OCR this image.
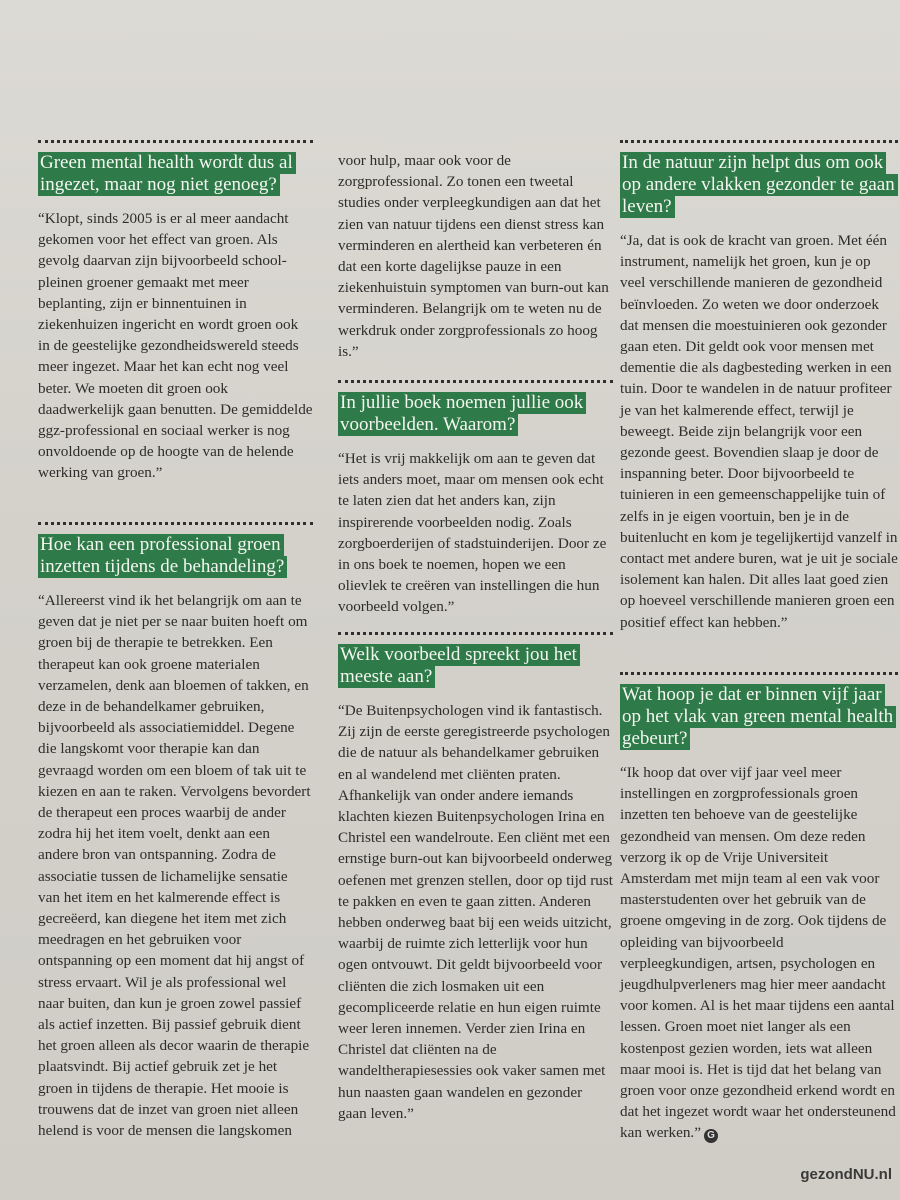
Green mental health wordt dus al ingezet, maar nog niet genoeg?

“Klopt, sinds 2005 is er al meer aandacht gekomen voor het effect van groen. Als gevolg daarvan zijn bijvoorbeeld school-pleinen groener gemaakt met meer beplanting, zijn er binnentuinen in ziekenhuizen ingericht en wordt groen ook in de geestelijke gezondheidswereld steeds meer ingezet. Maar het kan echt nog veel beter. We moeten dit groen ook daadwerkelijk gaan benutten. De gemiddelde ggz-professional en sociaal werker is nog onvoldoende op de hoogte van de helende werking van groen.”

Hoe kan een professional groen inzetten tijdens de behandeling?

“Allereerst vind ik het belangrijk om aan te geven dat je niet per se naar buiten hoeft om groen bij de therapie te betrekken. Een therapeut kan ook groene materialen verzamelen, denk aan bloemen of takken, en deze in de behandelkamer gebruiken, bijvoorbeeld als associatiemiddel. Degene die langskomt voor therapie kan dan gevraagd worden om een bloem of tak uit te kiezen en aan te raken. Vervolgens bevordert de therapeut een proces waarbij de ander zodra hij het item voelt, denkt aan een andere bron van ontspanning. Zodra de associatie tussen de lichamelijke sensatie van het item en het kalmerende effect is gecreëerd, kan diegene het item met zich meedragen en het gebruiken voor ontspanning op een moment dat hij angst of stress ervaart. Wil je als professional wel naar buiten, dan kun je groen zowel passief als actief inzetten. Bij passief gebruik dient het groen alleen als decor waarin de therapie plaatsvindt. Bij actief gebruik zet je het groen in tijdens de therapie. Het mooie is trouwens dat de inzet van groen niet alleen helend is voor de mensen die langskomen

voor hulp, maar ook voor de zorgprofessional. Zo tonen een tweetal studies onder verpleegkundigen aan dat het zien van natuur tijdens een dienst stress kan verminderen en alertheid kan verbeteren én dat een korte dagelijkse pauze in een ziekenhuistuin symptomen van burn-out kan verminderen. Belangrijk om te weten nu de werkdruk onder zorgprofessionals zo hoog is.”

In jullie boek noemen jullie ook voorbeelden. Waarom?

“Het is vrij makkelijk om aan te geven dat iets anders moet, maar om mensen ook echt te laten zien dat het anders kan, zijn inspirerende voorbeelden nodig. Zoals zorgboerderijen of stadstuinderijen. Door ze in ons boek te noemen, hopen we een olievlek te creëren van instellingen die hun voorbeeld volgen.”

Welk voorbeeld spreekt jou het meeste aan?

“De Buitenpsychologen vind ik fantastisch. Zij zijn de eerste geregistreerde psychologen die de natuur als behandelkamer gebruiken en al wandelend met cliënten praten. Afhankelijk van onder andere iemands klachten kiezen Buitenpsychologen Irina en Christel een wandelroute. Een cliënt met een ernstige burn-out kan bijvoorbeeld onderweg oefenen met grenzen stellen, door op tijd rust te pakken en even te gaan zitten. Anderen hebben onderweg baat bij een weids uitzicht, waarbij de ruimte zich letterlijk voor hun ogen ontvouwt. Dit geldt bijvoorbeeld voor cliënten die zich losmaken uit een gecompliceerde relatie en hun eigen ruimte weer leren innemen. Verder zien Irina en Christel dat cliënten na de wandeltherapiesessies ook vaker samen met hun naasten gaan wandelen en gezonder gaan leven.”

In de natuur zijn helpt dus om ook op andere vlakken gezonder te gaan leven?

“Ja, dat is ook de kracht van groen. Met één instrument, namelijk het groen, kun je op veel verschillende manieren de gezondheid beïnvloeden. Zo weten we door onderzoek dat mensen die moestuinieren ook gezonder gaan eten. Dit geldt ook voor mensen met dementie die als dagbesteding werken in een tuin. Door te wandelen in de natuur profiteer je van het kalmerende effect, terwijl je beweegt. Beide zijn belangrijk voor een gezonde geest. Bovendien slaap je door de inspanning beter. Door bijvoorbeeld te tuinieren in een gemeenschappelijke tuin of zelfs in je eigen voortuin, ben je in de buitenlucht en kom je tegelijkertijd vanzelf in contact met andere buren, wat je uit je sociale isolement kan halen. Dit alles laat goed zien op hoeveel verschillende manieren groen een positief effect kan hebben.”

Wat hoop je dat er binnen vijf jaar op het vlak van green mental health gebeurt?

“Ik hoop dat over vijf jaar veel meer instellingen en zorgprofessionals groen inzetten ten behoeve van de geestelijke gezondheid van mensen. Om deze reden verzorg ik op de Vrije Universiteit Amsterdam met mijn team al een vak voor masterstudenten over het gebruik van de groene omgeving in de zorg. Ook tijdens de opleiding van bijvoorbeeld verpleegkundigen, artsen, psychologen en jeugdhulpverleners mag hier meer aandacht voor komen. Al is het maar tijdens een aantal lessen. Groen moet niet langer als een kostenpost gezien worden, iets wat alleen maar mooi is. Het is tijd dat het belang van groen voor onze gezondheid erkend wordt en dat het ingezet wordt waar het ondersteunend kan werken.” G

gezondNU.nl
